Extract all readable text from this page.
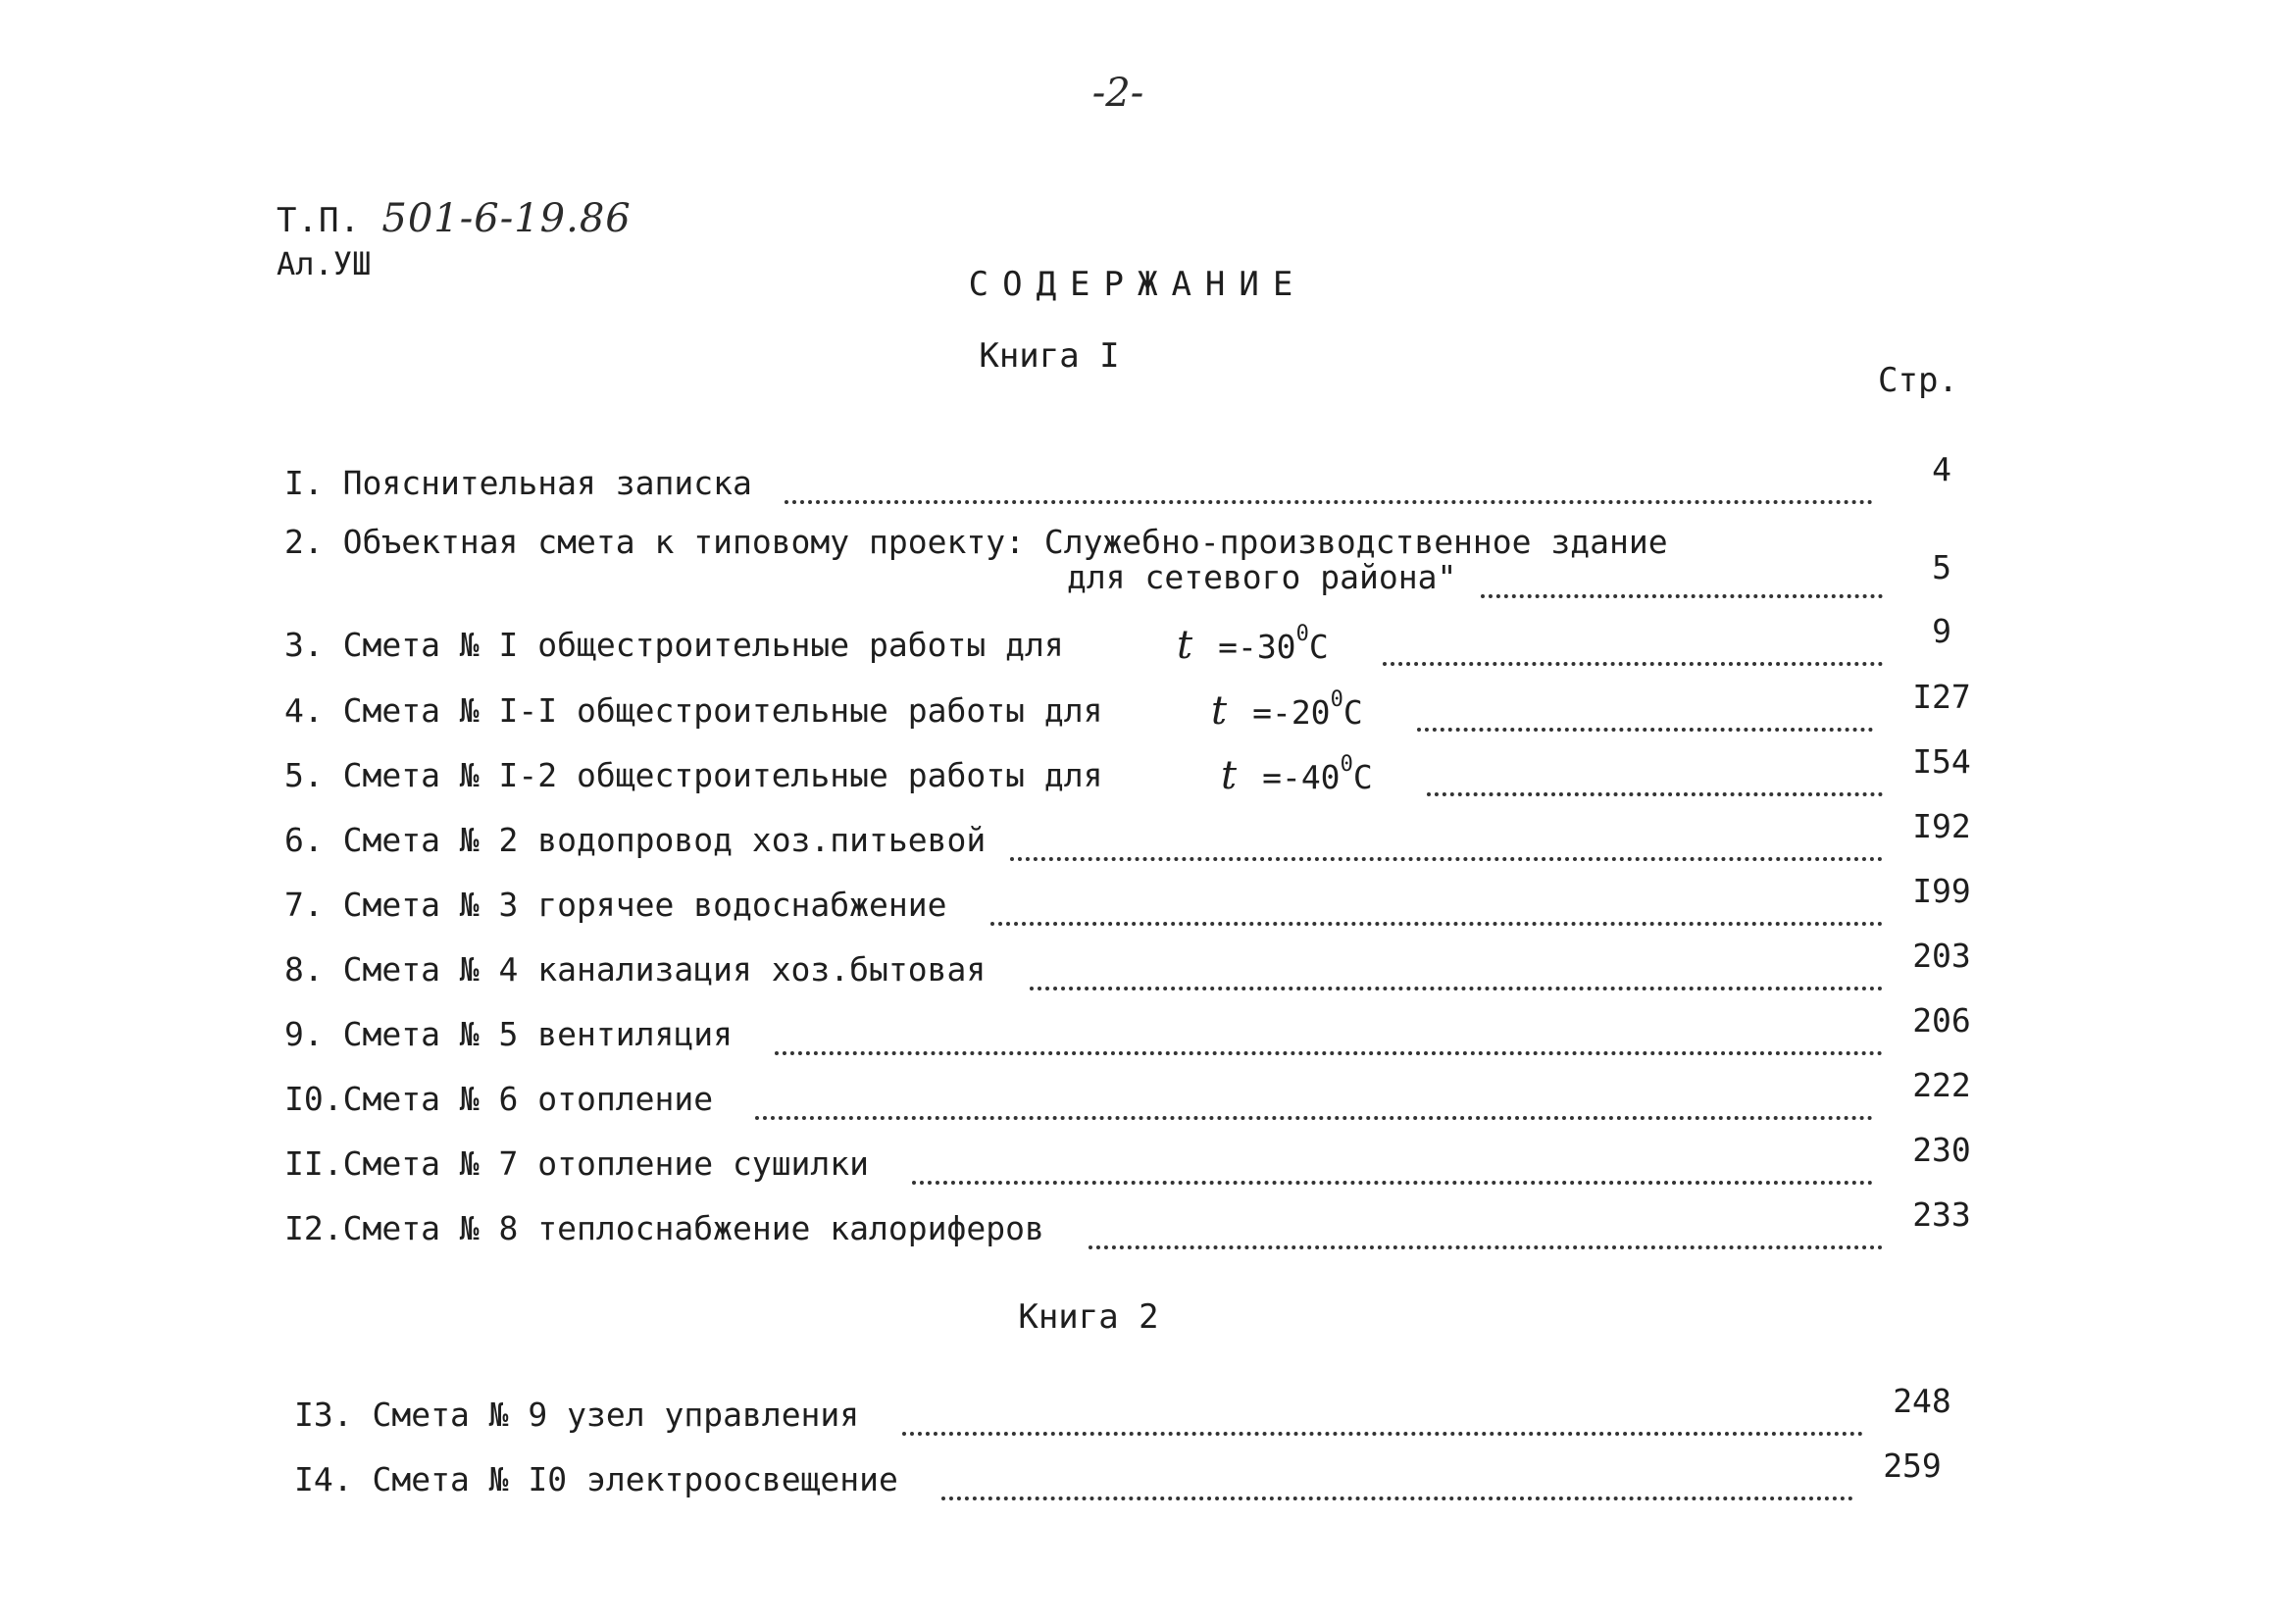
-2-
Т.П. 501-6-19.86
Ал.УШ
СОДЕРЖАНИЕ
Книга I
Стр.
I. Пояснительная записка	4
2. Объектная смета к типовому проекту: Служебно-производственное здание
для сетевого района"	5
3. Смета № I общестроительные работы для	$t =-30^0C$	9
4. Смета № I-I общестроительные работы для	$t =-20^0C$	I27
5. Смета № I-2 общестроительные работы для	$t =-40^0C$	I54
6. Смета № 2 водопровод хоз.питьевой	I92
7. Смета № 3 горячее водоснабжение	I99
8. Смета № 4 канализация хоз.бытовая	203
9. Смета № 5 вентиляция	206
I0.Смета № 6 отопление	222
II.Смета № 7 отопление сушилки	230
I2.Смета № 8 теплоснабжение калориферов	233
Книга 2
I3. Смета № 9 узел управления	248
I4. Смета № I0 электроосвещение	259
